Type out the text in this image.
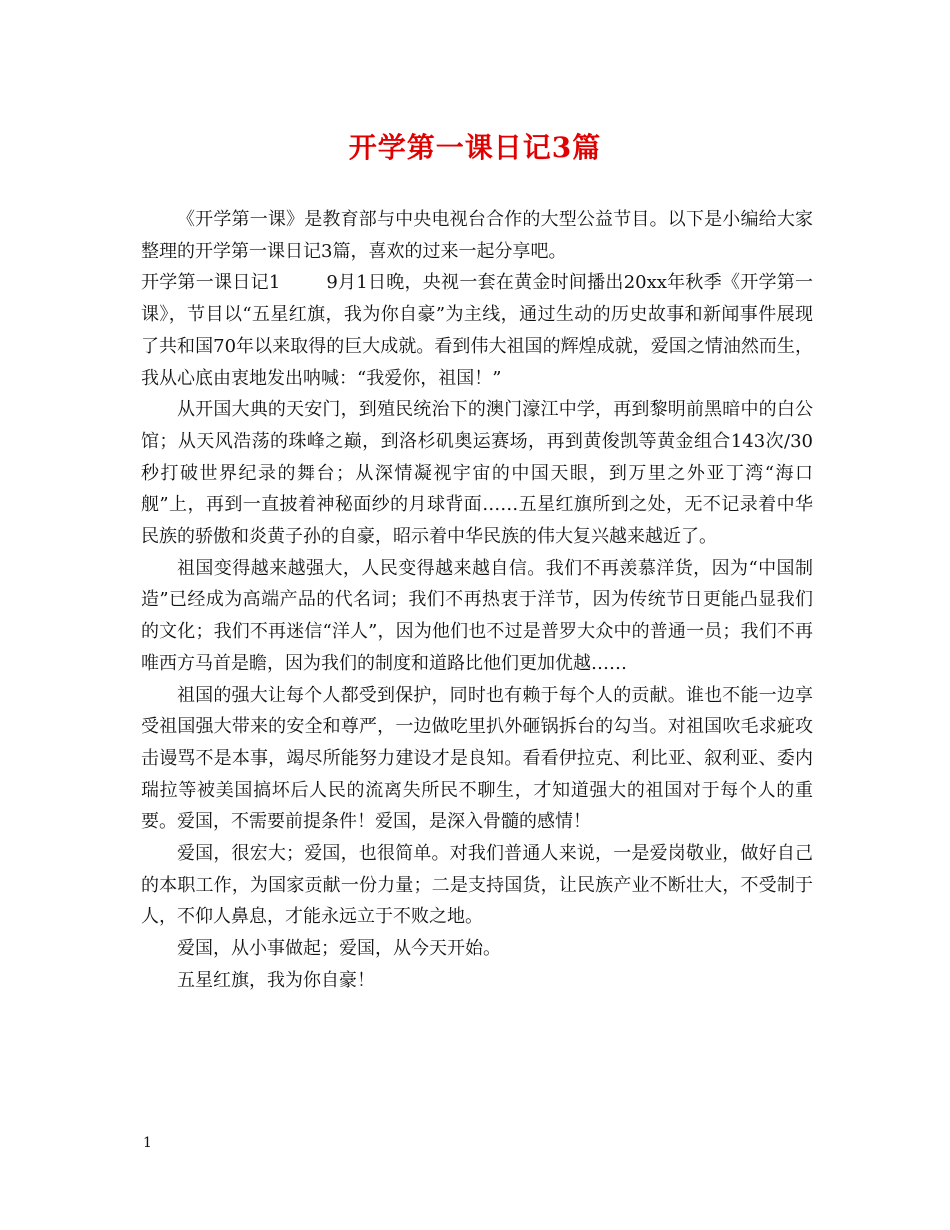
开学第一课日记3篇

《开学第一课》是教育部与中央电视台合作的大型公益节目。以下是小编给大家整理的开学第一课日记3篇，喜欢的过来一起分享吧。

开学第一课日记1	9月1日晚，央视一套在黄金时间播出20xx年秋季《开学第一课》，节目以“五星红旗，我为你自豪”为主线，通过生动的历史故事和新闻事件展现了共和国70年以来取得的巨大成就。看到伟大祖国的辉煌成就，爱国之情油然而生，我从心底由衷地发出呐喊：“我爱你，祖国！”

从开国大典的天安门，到殖民统治下的澳门濠江中学，再到黎明前黑暗中的白公馆；从天风浩荡的珠峰之巅，到洛杉矶奥运赛场，再到黄俊凯等黄金组合143次/30秒打破世界纪录的舞台；从深情凝视宇宙的中国天眼，到万里之外亚丁湾“海口舰”上，再到一直披着神秘面纱的月球背面……五星红旗所到之处，无不记录着中华民族的骄傲和炎黄子孙的自豪，昭示着中华民族的伟大复兴越来越近了。

祖国变得越来越强大，人民变得越来越自信。我们不再羡慕洋货，因为“中国制造”已经成为高端产品的代名词；我们不再热衷于洋节，因为传统节日更能凸显我们的文化；我们不再迷信“洋人”，因为他们也不过是普罗大众中的普通一员；我们不再唯西方马首是瞻，因为我们的制度和道路比他们更加优越……

祖国的强大让每个人都受到保护，同时也有赖于每个人的贡献。谁也不能一边享受祖国强大带来的安全和尊严，一边做吃里扒外砸锅拆台的勾当。对祖国吹毛求疵攻击谩骂不是本事，竭尽所能努力建设才是良知。看看伊拉克、利比亚、叙利亚、委内瑞拉等被美国搞坏后人民的流离失所民不聊生，才知道强大的祖国对于每个人的重要。爱国，不需要前提条件！爱国，是深入骨髓的感情！

爱国，很宏大；爱国，也很简单。对我们普通人来说，一是爱岗敬业，做好自己的本职工作，为国家贡献一份力量；二是支持国货，让民族产业不断壮大，不受制于人，不仰人鼻息，才能永远立于不败之地。

爱国，从小事做起；爱国，从今天开始。

五星红旗，我为你自豪！

1
